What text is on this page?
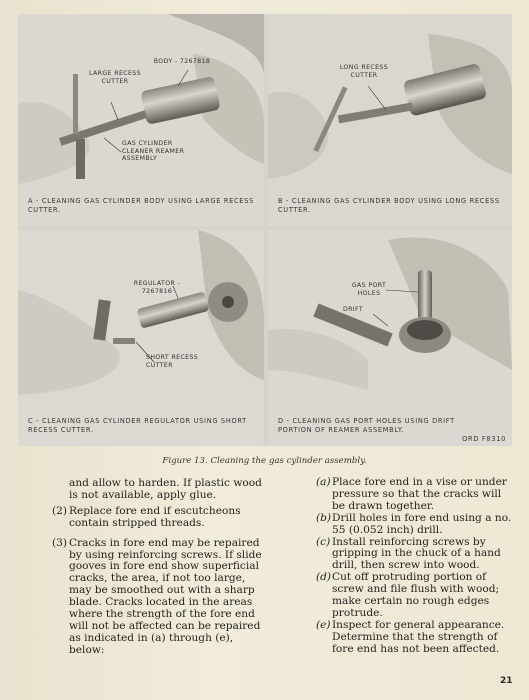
LARGE RECESS CUTTER
BODY - 7267818
GAS CYLINDER CLEANER REAMER ASSEMBLY
A - CLEANING GAS CYLINDER BODY USING LARGE RECESS CUTTER.
LONG RECESS CUTTER
B - CLEANING GAS CYLINDER BODY USING LONG RECESS CUTTER.
REGULATOR - 7267816
SHORT RECESS CUTTER
C - CLEANING GAS CYLINDER REGULATOR USING SHORT RECESS CUTTER.
GAS PORT HOLES
DRIFT
D - CLEANING GAS PORT HOLES USING DRIFT PORTION OF REAMER ASSEMBLY.
ORD F8310
Figure 13. Cleaning the gas cylinder assembly.
and allow to harden. If plastic wood is not available, apply glue.
(2) Replace fore end if escutcheons contain stripped threads.
(3) Cracks in fore end may be repaired by using reinforcing screws. If slide gooves in fore end show superficial cracks, the area, if not too large, may be smoothed out with a sharp blade. Cracks located in the areas where the strength of the fore end will not be affected can be repaired as indicated in (a) through (e), below:
(a) Place fore end in a vise or under pressure so that the cracks will be drawn together.
(b) Drill holes in fore end using a no. 55 (0.052 inch) drill.
(c) Install reinforcing screws by gripping in the chuck of a hand drill, then screw into wood.
(d) Cut off protruding portion of screw and file flush with wood; make certain no rough edges protrude.
(e) Inspect for general appearance. Determine that the strength of fore end has not been affected.
21
